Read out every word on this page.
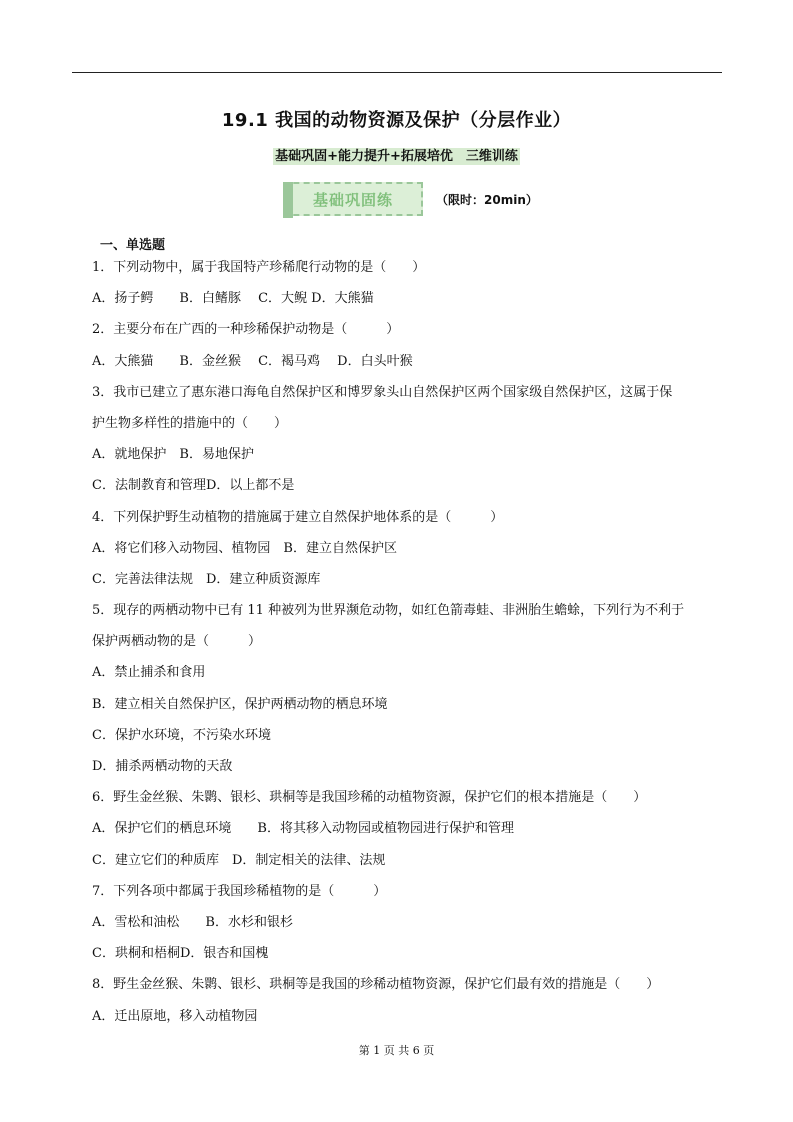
19.1 我国的动物资源及保护（分层作业）
基础巩固+能力提升+拓展培优　三维训练
基础巩固练	（限时：20min）
一、单选题
1．下列动物中，属于我国特产珍稀爬行动物的是（　　）
A．扬子鳄　　B．白鳍豚　 C．大鲵 D．大熊猫
2．主要分布在广西的一种珍稀保护动物是（　　　）
A．大熊猫　　B．金丝猴　 C．褐马鸡　 D．白头叶猴
3．我市已建立了惠东港口海龟自然保护区和博罗象头山自然保护区两个国家级自然保护区，这属于保
护生物多样性的措施中的（　　）
A．就地保护　B．易地保护
C．法制教育和管理D．以上都不是
4．下列保护野生动植物的措施属于建立自然保护地体系的是（　　　）
A．将它们移入动物园、植物园　B．建立自然保护区
C．完善法律法规　D．建立种质资源库
5．现存的两栖动物中已有 11 种被列为世界濒危动物，如红色箭毒蛙、非洲胎生蟾蜍，下列行为不利于
保护两栖动物的是（　　　）
A．禁止捕杀和食用
B．建立相关自然保护区，保护两栖动物的栖息环境
C．保护水环境，不污染水环境
D．捕杀两栖动物的天敌
6．野生金丝猴、朱鹮、银杉、珙桐等是我国珍稀的动植物资源，保护它们的根本措施是（　　）
A．保护它们的栖息环境　　B．将其移入动物园或植物园进行保护和管理
C．建立它们的种质库　D．制定相关的法律、法规
7．下列各项中都属于我国珍稀植物的是（　　　）
A．雪松和油松　　B．水杉和银杉
C．珙桐和梧桐D．银杏和国槐
8．野生金丝猴、朱鹮、银杉、珙桐等是我国的珍稀动植物资源，保护它们最有效的措施是（　　）
A．迁出原地，移入动植物园
第 1 页 共 6 页
